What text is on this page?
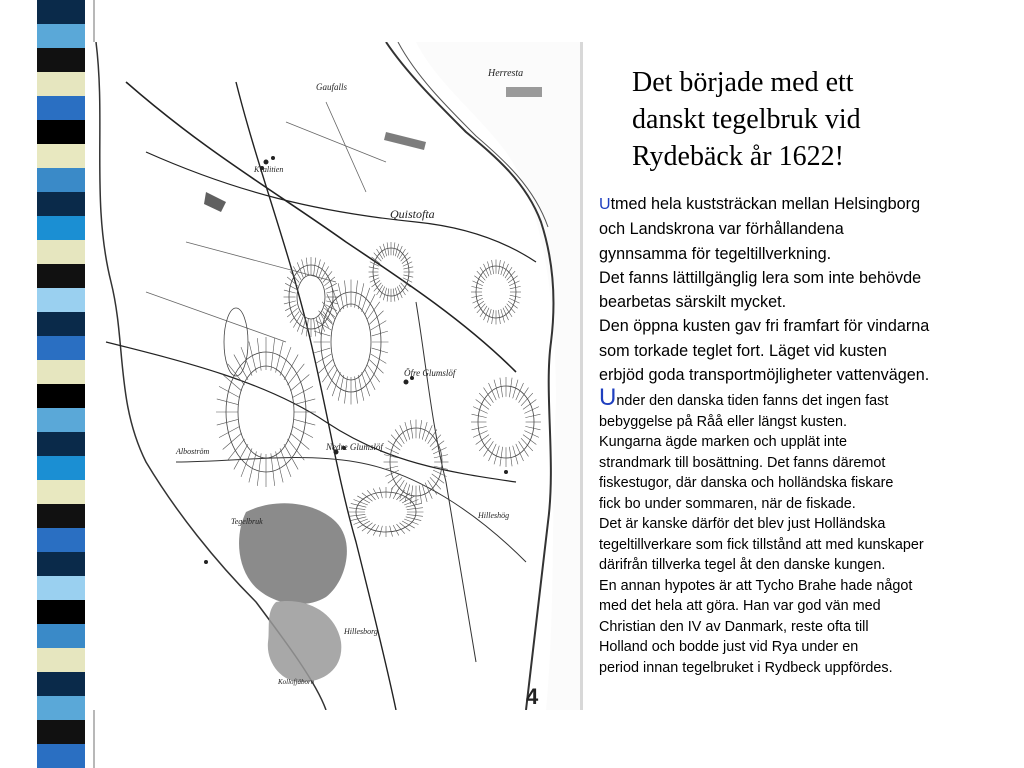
Gaufalls
Kvalitien
Quistofta
Herresta
Öfre Glumslöf
Nedre Glumslöf
Alboström
Tegelbruk
Hilleshög
Hillesborg
Kollofjäborn
4
Det började med ett
danskt tegelbruk vid
Rydebäck år 1622!
Utmed hela kuststräckan mellan Helsingborg
och Landskrona var förhållandena
gynnsamma för tegeltillverkning.
Det fanns lättillgänglig lera som inte behövde
bearbetas särskilt mycket.
Den öppna kusten gav fri framfart för vindarna
som torkade teglet fort. Läget vid kusten
erbjöd goda transportmöjligheter vattenvägen.
Under den danska tiden fanns det ingen fast
bebyggelse på Råå eller längst kusten.
Kungarna ägde marken och upplät inte
strandmark till bosättning. Det fanns däremot
fiskestugor, där danska och holländska fiskare
fick bo under sommaren, när de fiskade.
Det är kanske därför det blev just Holländska
tegeltillverkare som fick tillstånd att med kunskaper
därifrån tillverka tegel åt den danske kungen.
En annan hypotes är att Tycho Brahe hade något
med det hela att göra. Han var god vän med
Christian den IV av Danmark, reste ofta till
Holland och bodde just vid Rya under en
period innan tegelbruket i Rydbeck uppfördes.
